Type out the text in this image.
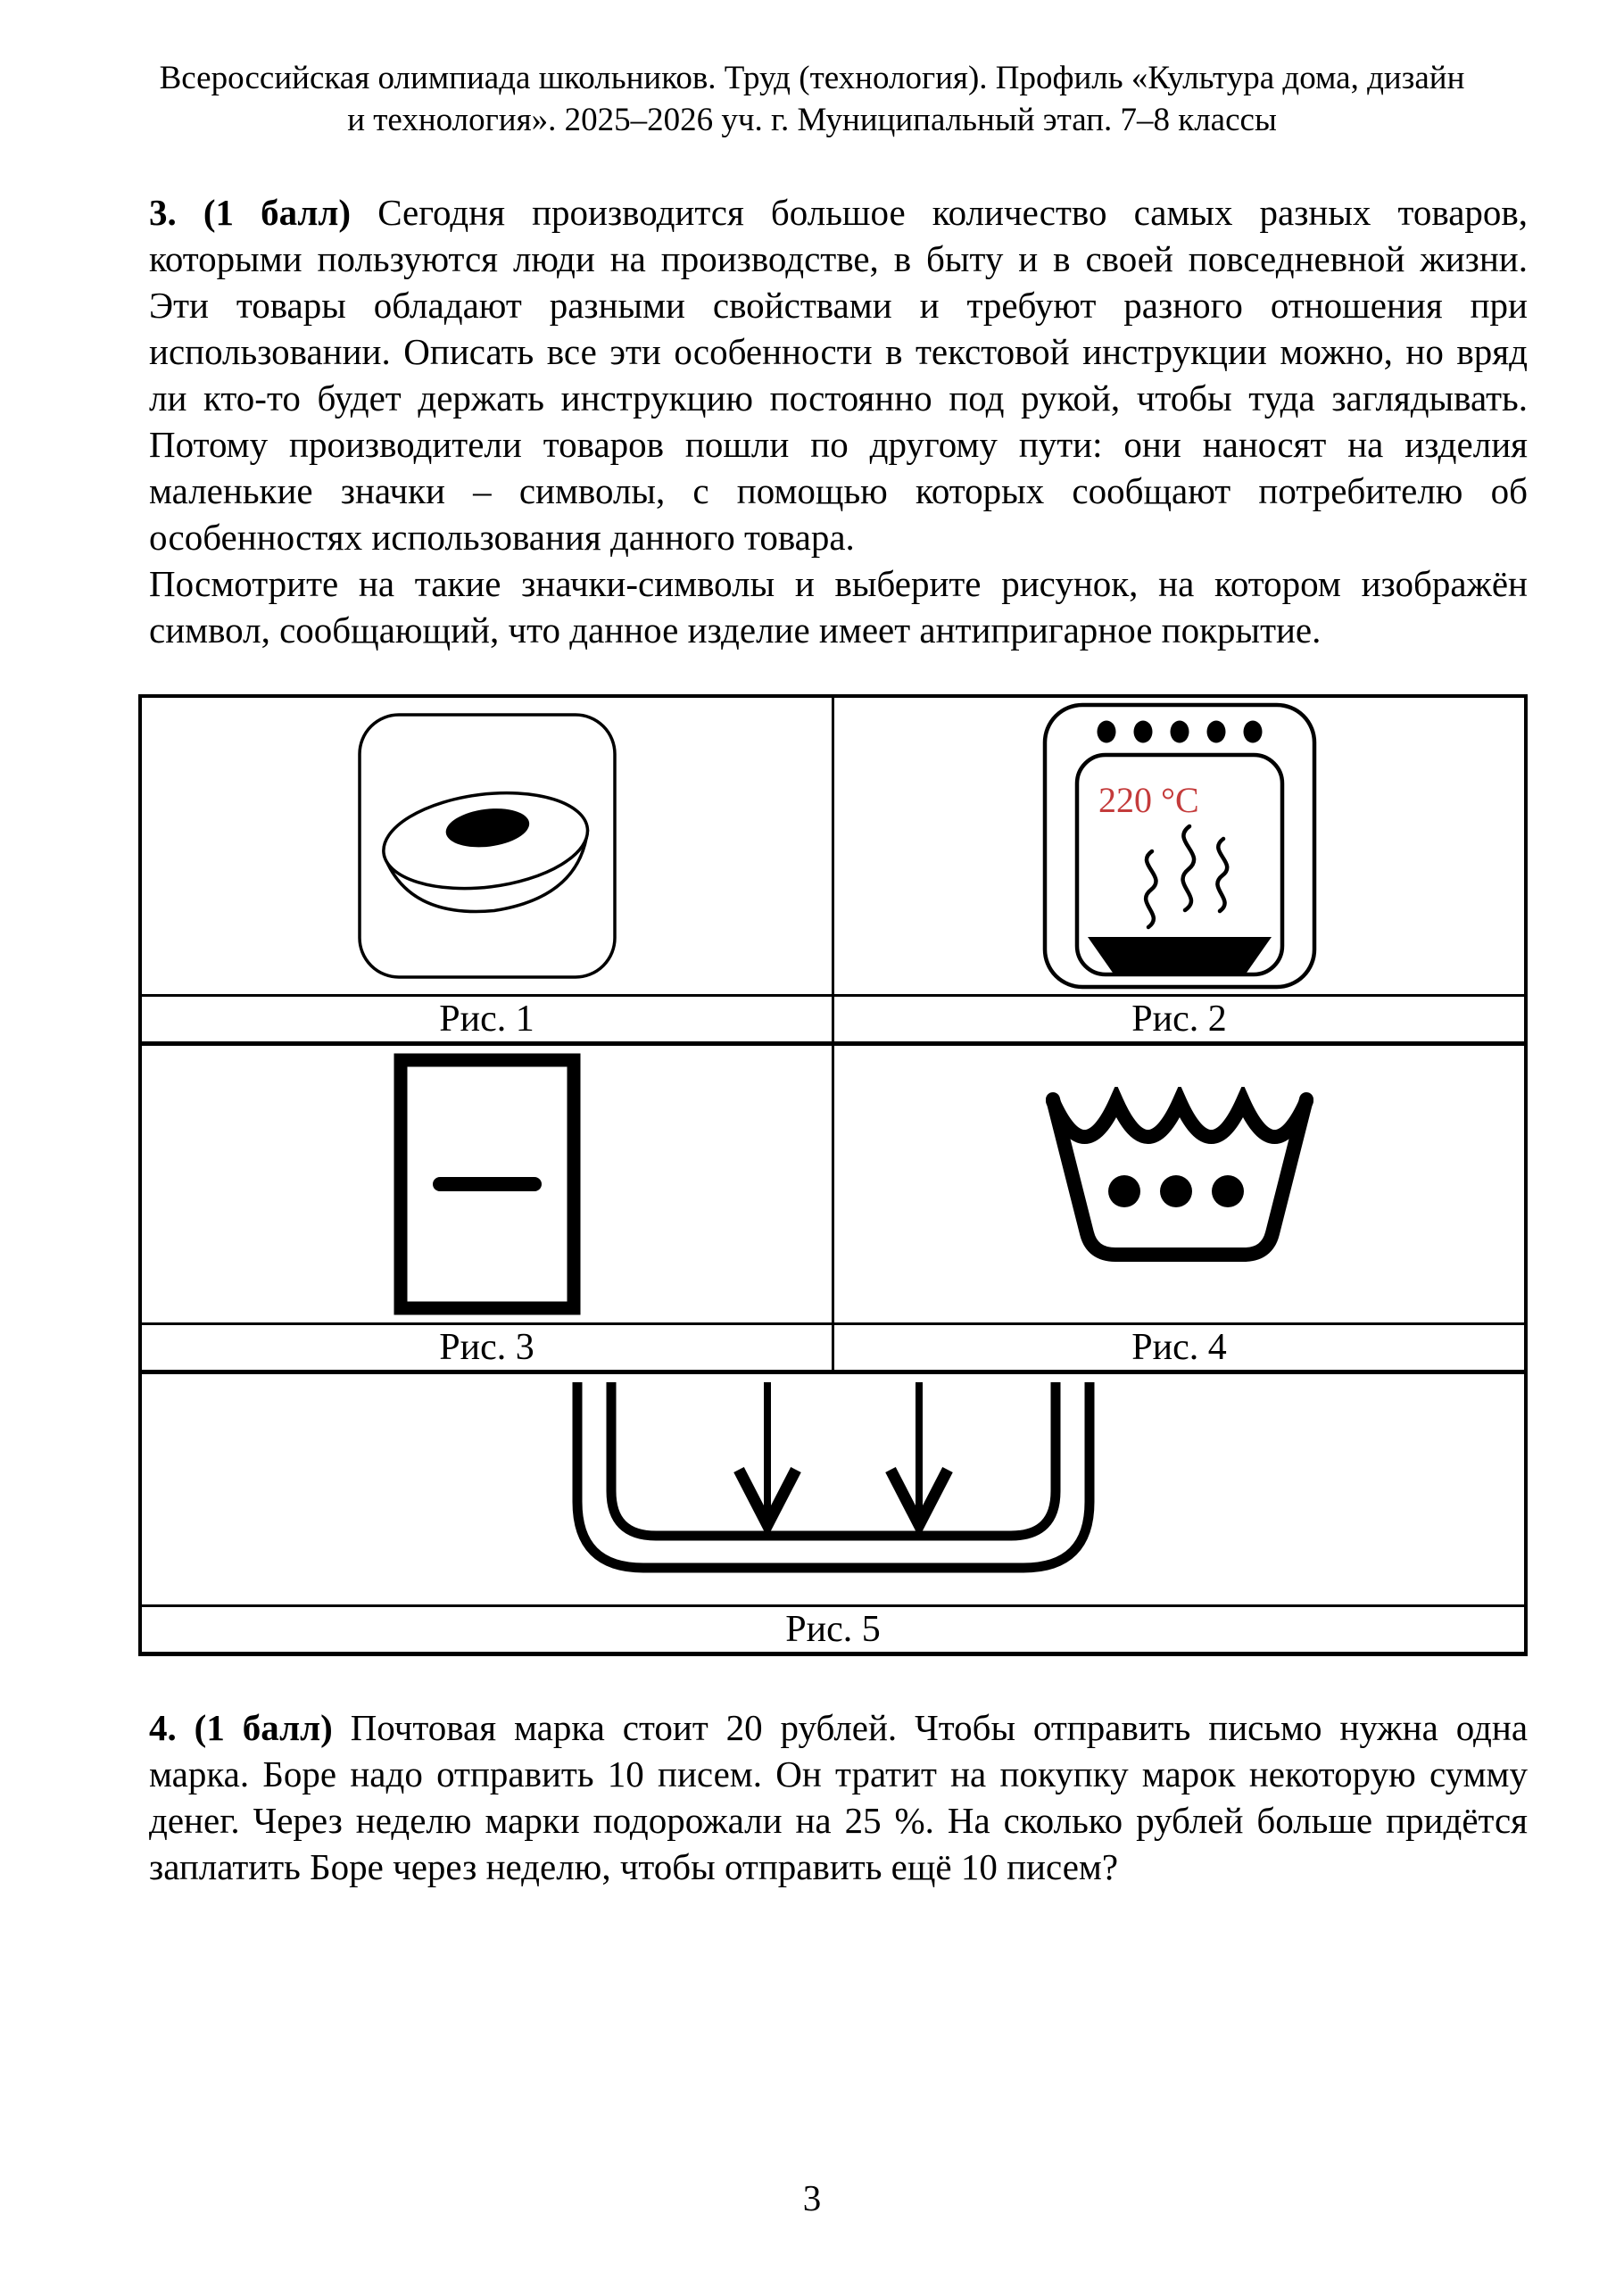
Всероссийская олимпиада школьников. Труд (технология). Профиль «Культура дома, дизайн
и технология». 2025–2026 уч. г. Муниципальный этап. 7–8 классы

3. (1 балл) Сегодня производится большое количество самых разных товаров, которыми пользуются люди на производстве, в быту и в своей повседневной жизни. Эти товары обладают разными свойствами и требуют разного отношения при использовании. Описать все эти особенности в текстовой инструкции можно, но вряд ли кто-то будет держать инструкцию постоянно под рукой, чтобы туда заглядывать. Потому производители товаров пошли по другому пути: они наносят на изделия маленькие значки – символы, с помощью которых сообщают потребителю об особенностях использования данного товара.

Посмотрите на такие значки-символы и выберите рисунок, на котором изображён символ, сообщающий, что данное изделие имеет антипригарное покрытие.

220 °C

Рис. 1	Рис. 2

Рис. 3	Рис. 4

Рис. 5	

4. (1 балл) Почтовая марка стоит 20 рублей. Чтобы отправить письмо нужна одна марка. Боре надо отправить 10 писем. Он тратит на покупку марок некоторую сумму денег. Через неделю марки подорожали на 25 %. На сколько рублей больше придётся заплатить Боре через неделю, чтобы отправить ещё 10 писем?

3
